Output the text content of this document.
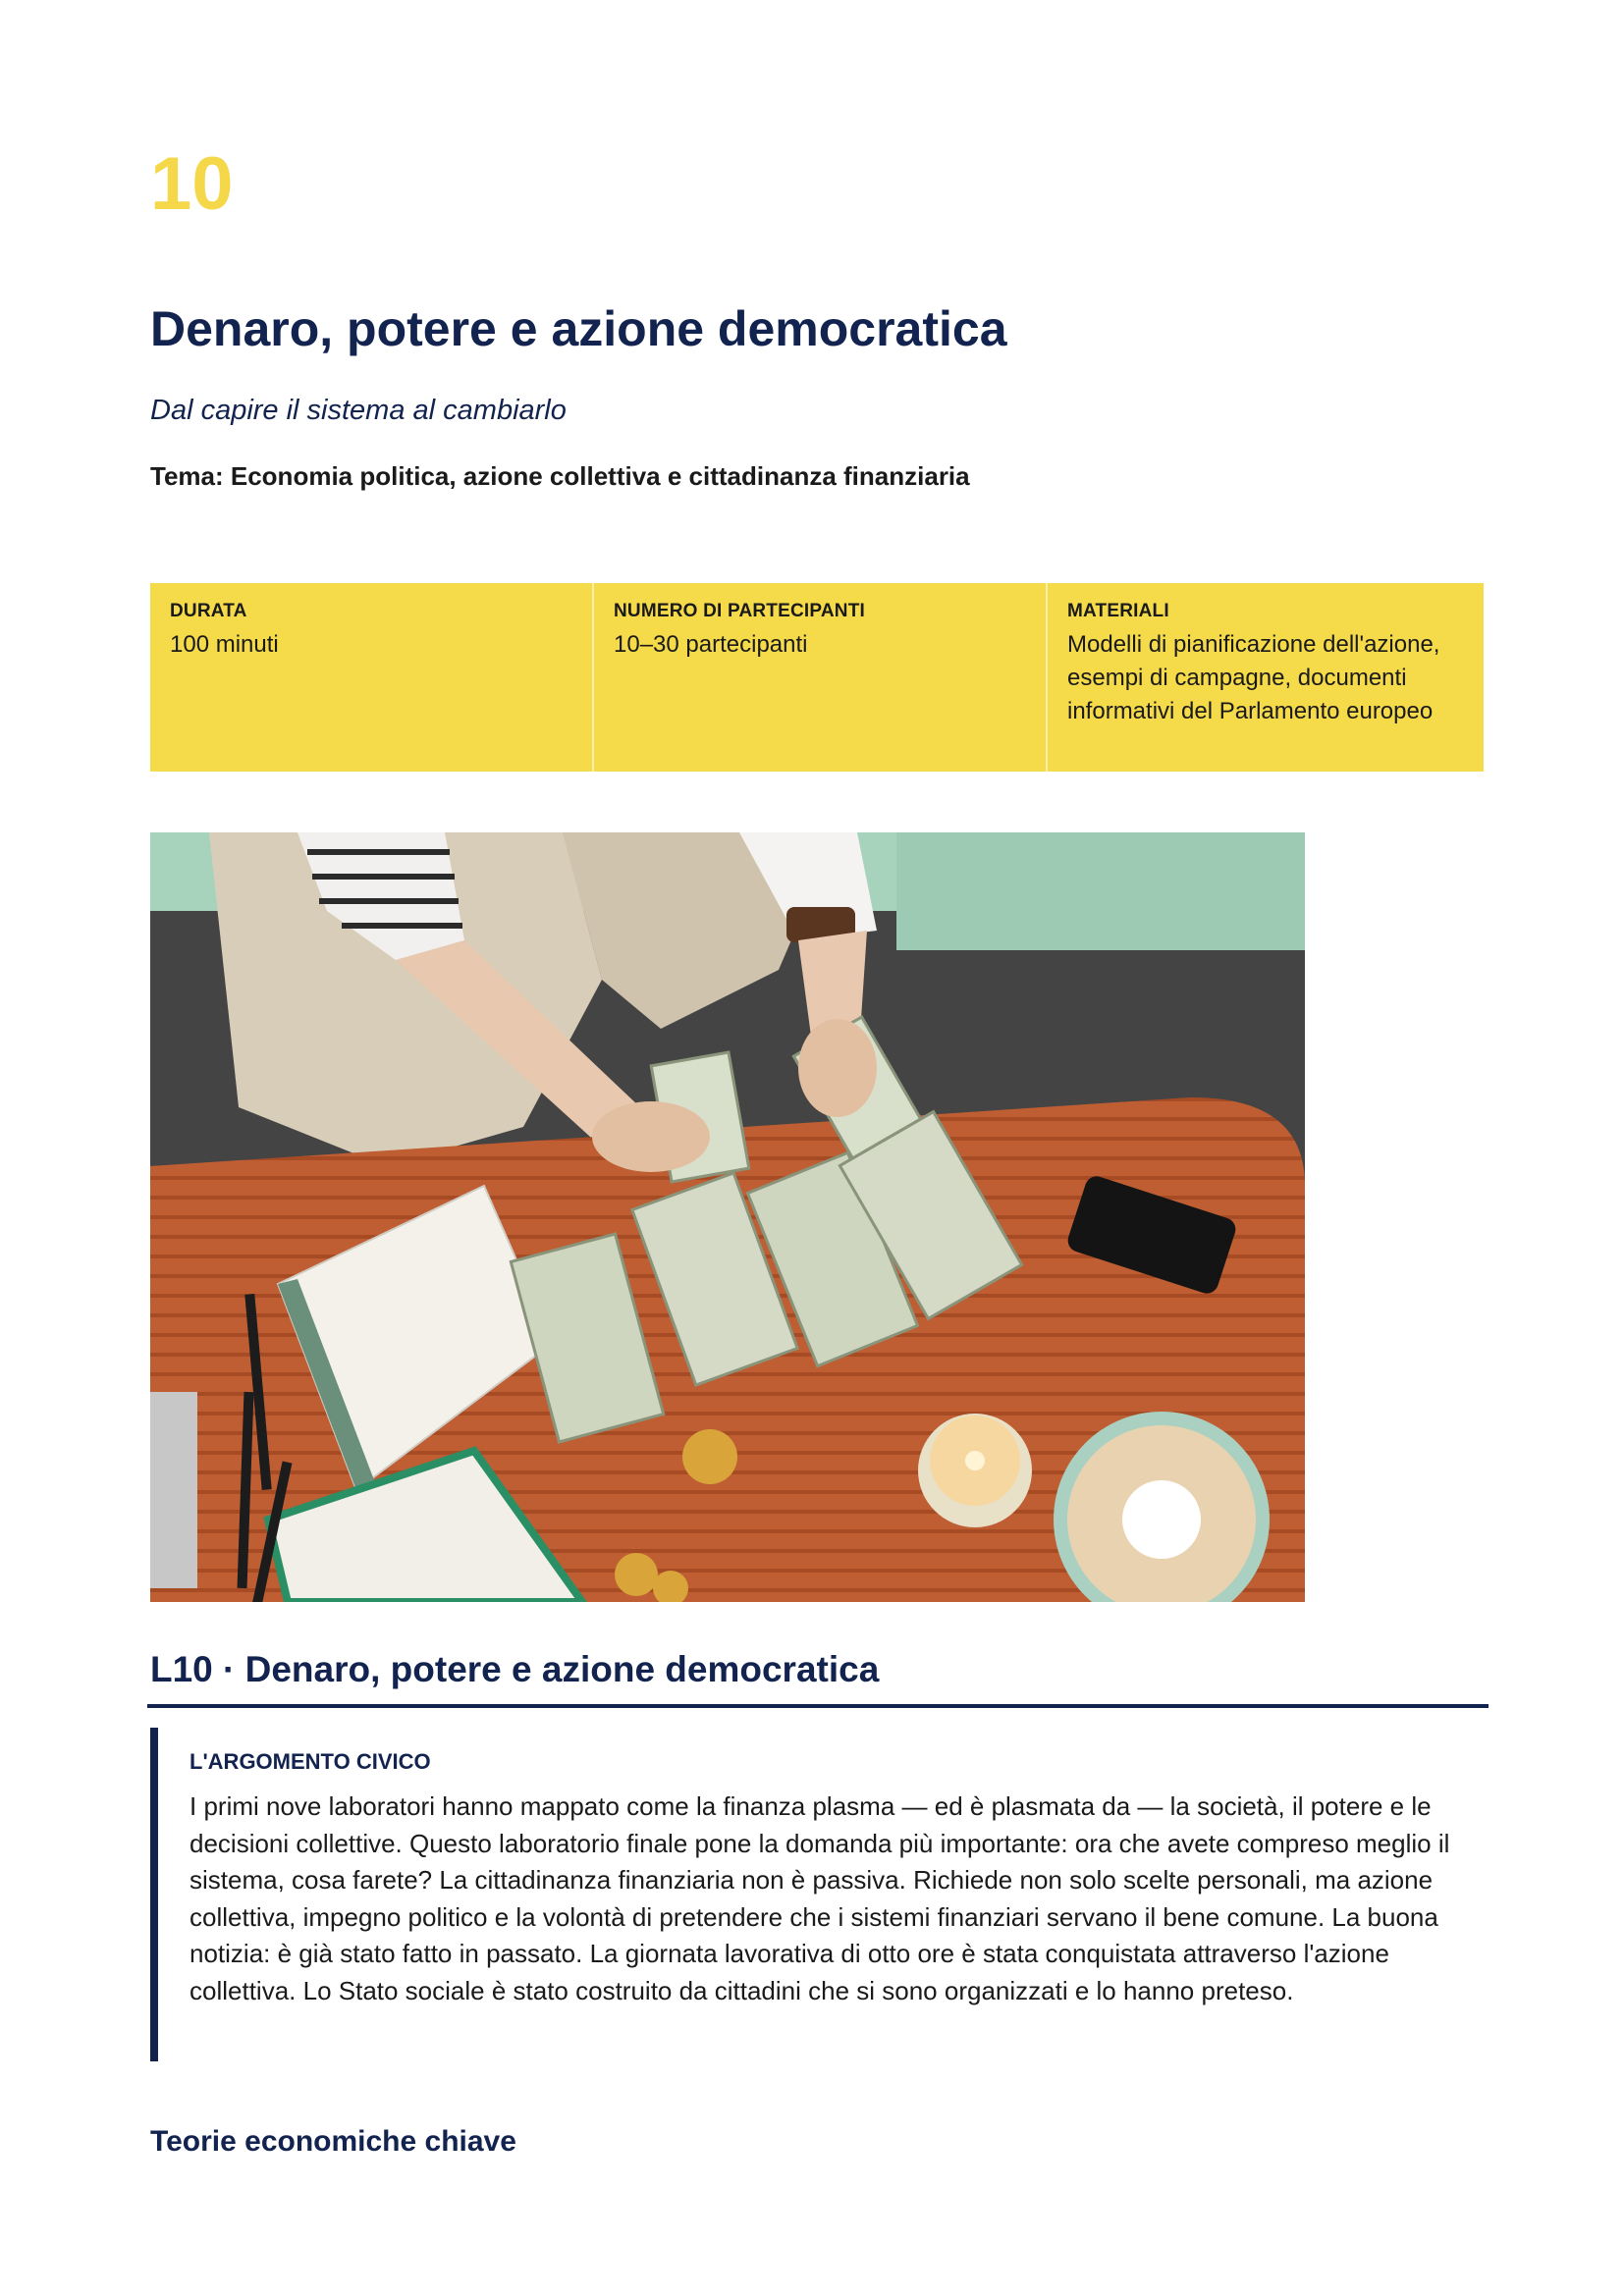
10
Denaro, potere e azione democratica
Dal capire il sistema al cambiarlo
Tema: Economia politica, azione collettiva e cittadinanza finanziaria
DURATA
100 minuti
NUMERO DI PARTECIPANTI
10–30 partecipanti
MATERIALI
Modelli di pianificazione dell'azione, esempi di campagne, documenti informativi del Parlamento europeo
L10 · Denaro, potere e azione democratica
L'ARGOMENTO CIVICO
I primi nove laboratori hanno mappato come la finanza plasma — ed è plasmata da — la società, il potere e le decisioni collettive. Questo laboratorio finale pone la domanda più importante: ora che avete compreso meglio il sistema, cosa farete? La cittadinanza finanziaria non è passiva. Richiede non solo scelte personali, ma azione collettiva, impegno politico e la volontà di pretendere che i sistemi finanziari servano il bene comune. La buona notizia: è già stato fatto in passato. La giornata lavorativa di otto ore è stata conquistata attraverso l'azione collettiva. Lo Stato sociale è stato costruito da cittadini che si sono organizzati e lo hanno preteso.
Teorie economiche chiave
